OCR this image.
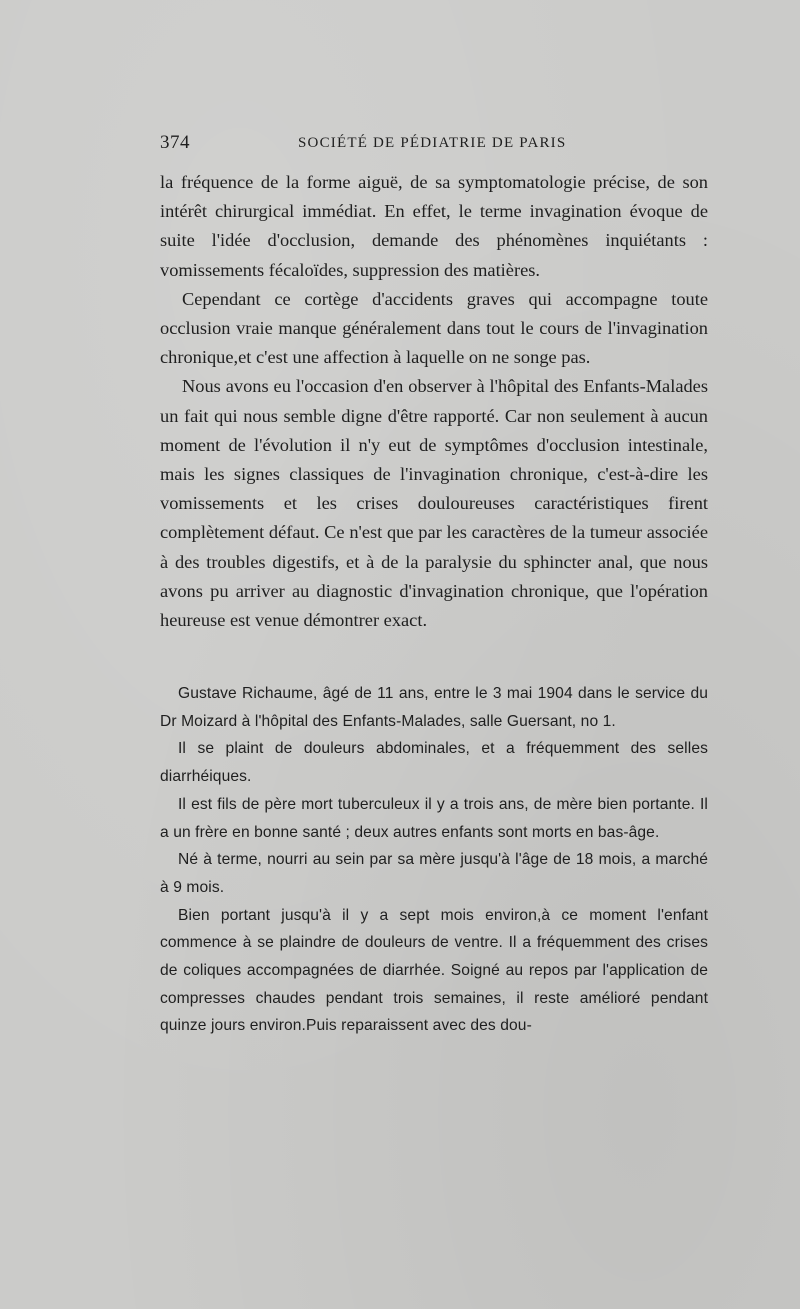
374	SOCIÉTÉ DE PÉDIATRIE DE PARIS

la fréquence de la forme aiguë, de sa symptomatologie précise, de son intérêt chirurgical immédiat. En effet, le terme invagination évoque de suite l'idée d'occlusion, demande des phénomènes inquiétants : vomissements fécaloïdes, suppression des matières.

Cependant ce cortège d'accidents graves qui accompagne toute occlusion vraie manque généralement dans tout le cours de l'invagination chronique,et c'est une affection à laquelle on ne songe pas.

Nous avons eu l'occasion d'en observer à l'hôpital des Enfants-Malades un fait qui nous semble digne d'être rapporté. Car non seulement à aucun moment de l'évolution il n'y eut de symptômes d'occlusion intestinale, mais les signes classiques de l'invagination chronique, c'est-à-dire les vomissements et les crises douloureuses caractéristiques firent complètement défaut. Ce n'est que par les caractères de la tumeur associée à des troubles digestifs, et à de la paralysie du sphincter anal, que nous avons pu arriver au diagnostic d'invagination chronique, que l'opération heureuse est venue démontrer exact.

Gustave Richaume, âgé de 11 ans, entre le 3 mai 1904 dans le service du Dr Moizard à l'hôpital des Enfants-Malades, salle Guersant, no 1.

Il se plaint de douleurs abdominales, et a fréquemment des selles diarrhéiques.

Il est fils de père mort tuberculeux il y a trois ans, de mère bien portante. Il a un frère en bonne santé ; deux autres enfants sont morts en bas-âge.

Né à terme, nourri au sein par sa mère jusqu'à l'âge de 18 mois, a marché à 9 mois.

Bien portant jusqu'à il y a sept mois environ,à ce moment l'enfant commence à se plaindre de douleurs de ventre. Il a fréquemment des crises de coliques accompagnées de diarrhée. Soigné au repos par l'application de compresses chaudes pendant trois semaines, il reste amélioré pendant quinze jours environ.Puis reparaissent avec des dou-
